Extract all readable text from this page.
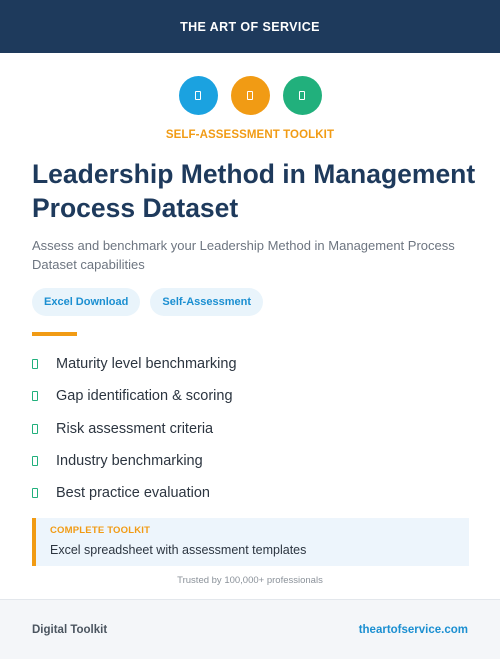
THE ART OF SERVICE
SELF-ASSESSMENT TOOLKIT
Leadership Method in Management Process Dataset

Assess and benchmark your Leadership Method in Management Process Dataset capabilities

Excel Download	Self-Assessment
Maturity level benchmarking
Gap identification & scoring
Risk assessment criteria
Industry benchmarking
Best practice evaluation
COMPLETE TOOLKIT
Excel spreadsheet with assessment templates
Trusted by 100,000+ professionals
Digital Toolkit	theartofservice.com
